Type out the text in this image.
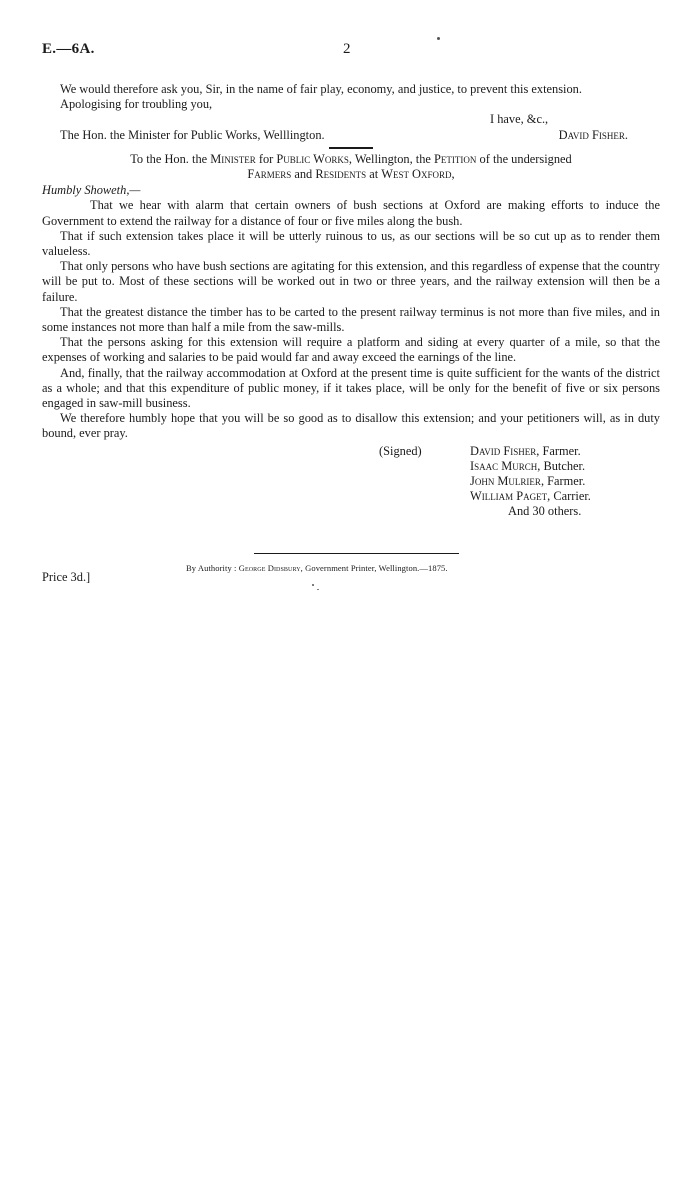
E.—6A.	2

We would therefore ask you, Sir, in the name of fair play, economy, and justice, to prevent this extension.

Apologising for troubling you,

I have, &c.,
The Hon. the Minister for Public Works, Welllington.	David Fisher.
To the Hon. the Minister for Public Works, Wellington, the Petition of the undersigned
Farmers and Residents at West Oxford,

Humbly Showeth,—

That we hear with alarm that certain owners of bush sections at Oxford are making efforts to induce the Government to extend the railway for a distance of four or five miles along the bush.

That if such extension takes place it will be utterly ruinous to us, as our sections will be so cut up as to render them valueless.

That only persons who have bush sections are agitating for this extension, and this regardless of expense that the country will be put to. Most of these sections will be worked out in two or three years, and the railway extension will then be a failure.

That the greatest distance the timber has to be carted to the present railway terminus is not more than five miles, and in some instances not more than half a mile from the saw-mills.

That the persons asking for this extension will require a platform and siding at every quarter of a mile, so that the expenses of working and salaries to be paid would far and away exceed the earnings of the line.

And, finally, that the railway accommodation at Oxford at the present time is quite sufficient for the wants of the district as a whole; and that this expenditure of public money, if it takes place, will be only for the benefit of five or six persons engaged in saw-mill business.

We therefore humbly hope that you will be so good as to disallow this extension; and your petitioners will, as in duty bound, ever pray.

(Signed)	David Fisher, Farmer.
Isaac Murch, Butcher.
John Mulrier, Farmer.
William Paget, Carrier.
And 30 others.
By Authority : George Didsbury, Government Printer, Wellington.—1875.
Price 3d.]
